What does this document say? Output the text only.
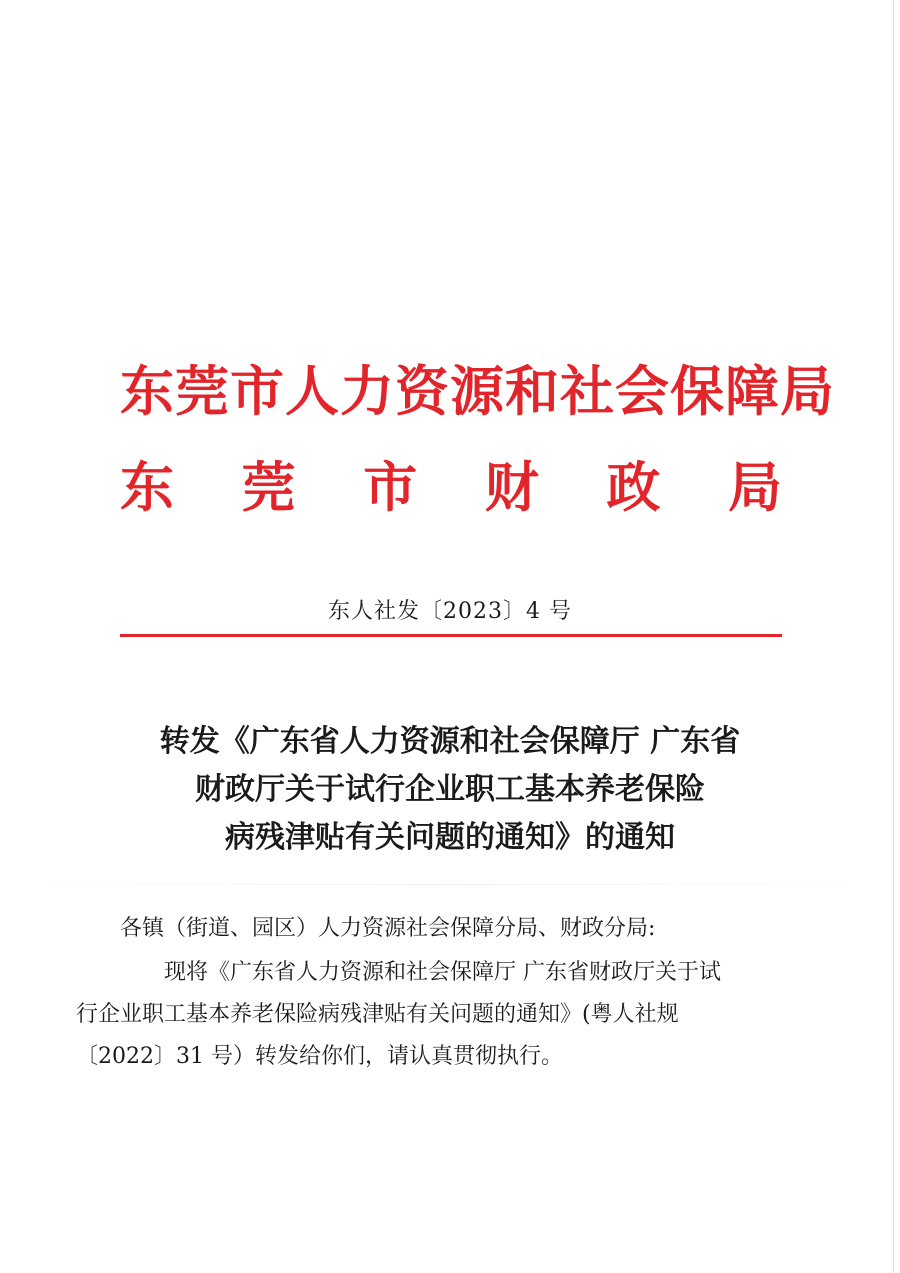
东莞市人力资源和社会保障局
东 莞 市 财 政 局
东人社发〔2023〕4 号
转发《广东省人力资源和社会保障厅 广东省
财政厅关于试行企业职工基本养老保险
病残津贴有关问题的通知》的通知
各镇（街道、园区）人力资源社会保障分局、财政分局:
现将《广东省人力资源和社会保障厅 广东省财政厅关于试
行企业职工基本养老保险病残津贴有关问题的通知》(粤人社规
〔2022〕31 号）转发给你们，请认真贯彻执行。
